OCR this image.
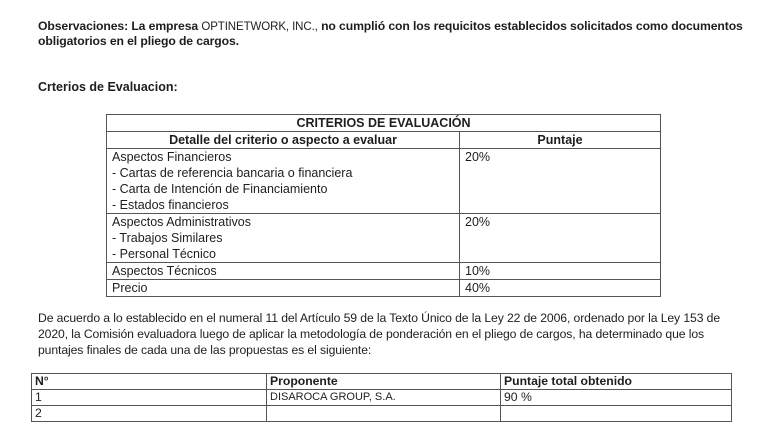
Observaciones: La empresa OPTINETWORK, INC., no cumplió con los requicitos establecidos solicitados como documentos obligatorios en el pliego de cargos.
Crterios de Evaluacion:
CRITERIOS DE EVALUACIÓN	
Detalle del criterio o aspecto a evaluar	Puntaje

Aspectos Financieros
- Cartas de referencia bancaria o financiera
- Carta de Intención de Financiamiento
- Estados financieros	20%

Aspectos Administrativos
- Trabajos Similares
- Personal Técnico	20%

Aspectos Técnicos	10%

Precio	40%
De acuerdo a lo establecido en el numeral 11 del Artículo 59 de la Texto Único de la Ley 22 de 2006, ordenado por la Ley 153 de 2020, la Comisión evaluadora luego de aplicar la metodología de ponderación en el pliego de cargos, ha determinado que los puntajes finales de cada una de las propuestas es el siguiente:
N°	Proponente	Puntaje total obtenido
1	DISAROCA GROUP, S.A.	90 %
2		
